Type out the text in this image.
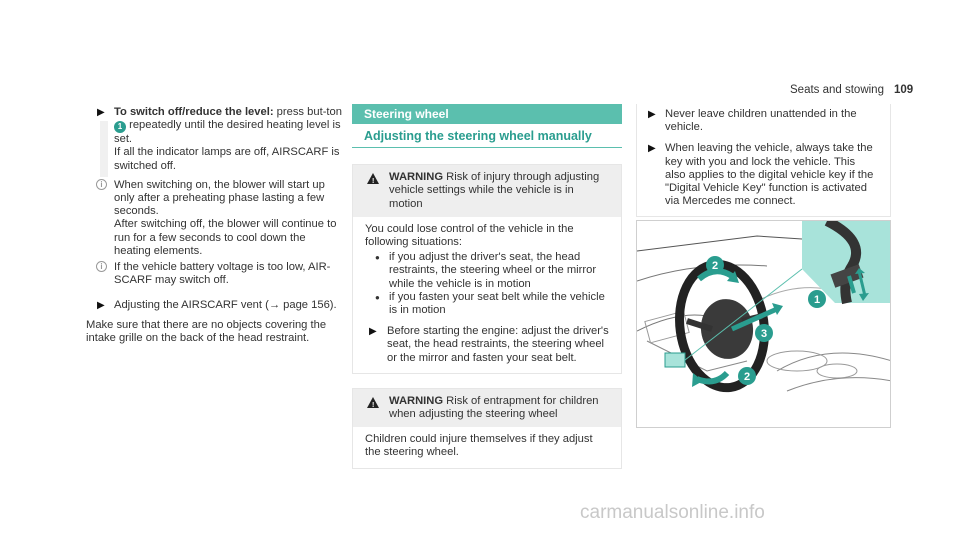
Seats and stowing 109
▶ To switch off/reduce the level: press but-ton 1 repeatedly until the desired heating level is set.
If all the indicator lamps are off, AIRSCARF is switched off.
i	When switching on, the blower will start up only after a preheating phase lasting a few seconds.
After switching off, the blower will continue to run for a few seconds to cool down the heating elements.
i	If the vehicle battery voltage is too low, AIR-SCARF may switch off.
▶ Adjusting the AIRSCARF vent (→ page 156).
Make sure that there are no objects covering the intake grille on the back of the head restraint.
Steering wheel
Adjusting the steering wheel manually
! WARNING Risk of injury through adjusting vehicle settings while the vehicle is in motion
You could lose control of the vehicle in the following situations:
● if you adjust the driver's seat, the head restraints, the steering wheel or the mirror while the vehicle is in motion
● if you fasten your seat belt while the vehicle is in motion
▶ Before starting the engine: adjust the driver's seat, the head restraints, the steering wheel or the mirror and fasten your seat belt.
! WARNING Risk of entrapment for children when adjusting the steering wheel
Children could injure themselves if they adjust the steering wheel.
▶ Never leave children unattended in the vehicle.
▶ When leaving the vehicle, always take the key with you and lock the vehicle. This also applies to the digital vehicle key if the "Digital Vehicle Key" function is activated via Mercedes me connect.
1
2
2
3
carmanualsonline.info
